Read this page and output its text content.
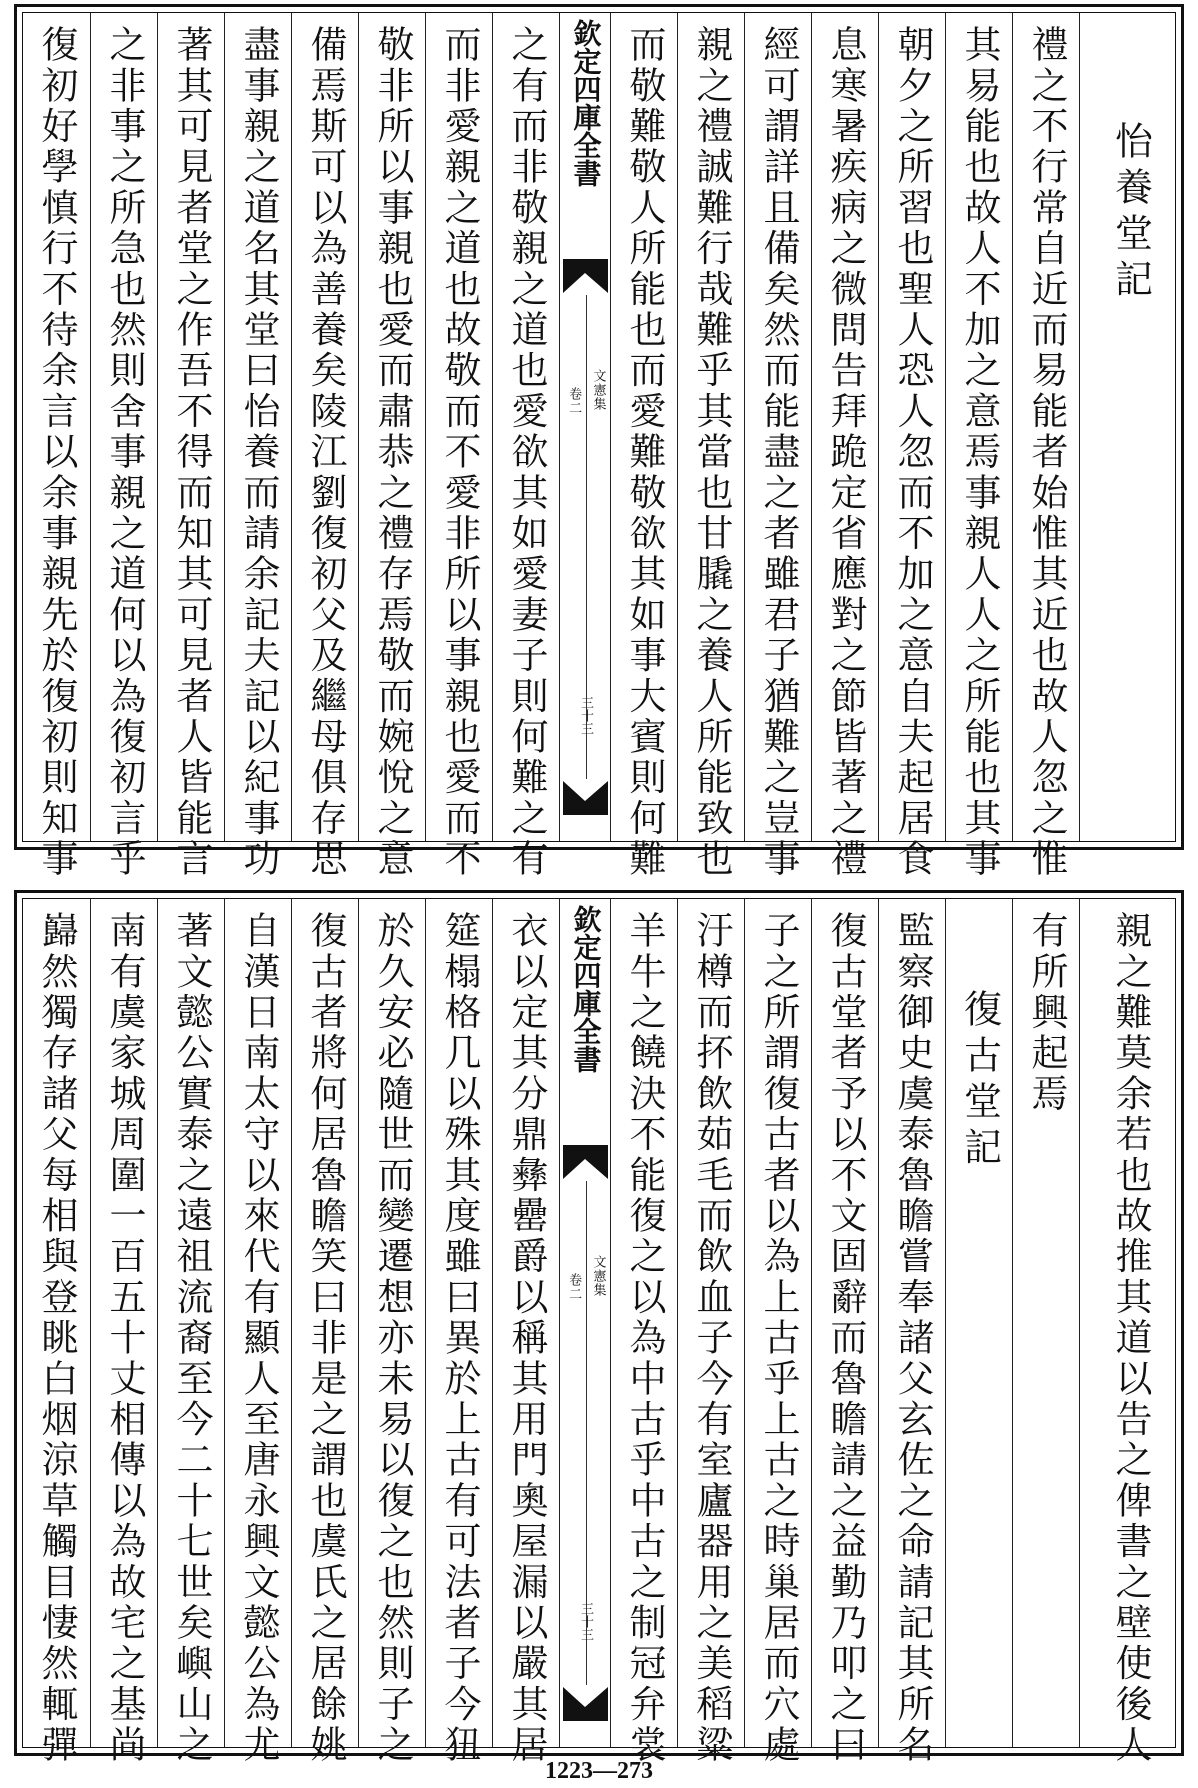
復初好學慎行不待余言以余事親先於復初則知事 之非事之所急也然則舍事親之道何以為復初言乎 著其可見者堂之作吾不得而知其可見者人皆能言 盡事親之道名其堂曰怡養而請余記夫記以紀事功 備焉斯可以為善養矣陵江劉復初父及繼母俱存思 敬非所以事親也愛而肅恭之禮存焉敬而婉悅之意 而非愛親之道也故敬而不愛非所以事親也愛而不 之有而非敬親之道也愛欲其如愛妻子則何難之有 欽定四庫全書
文憲集
卷二
三十三 而敬難敬人所能也而愛難敬欲其如事大賓則何難 親之禮誠難行哉難乎其當也甘膬之養人所能致也 經可謂詳且備矣然而能盡之者雖君子猶難之豈事 息寒暑疾病之微問告拜跪定省應對之節皆著之禮 朝夕之所習也聖人恐人忽而不加之意自夫起居食 其易能也故人不加之意焉事親人人之所能也其事 禮之不行常自近而易能者始惟其近也故人忽之惟 怡養堂記
巋然獨存諸父每相與登眺白烟涼草觸目悽然輒彈 南有虞家城周圍一百五十丈相傳以為故宅之基尚 著文懿公實泰之遠祖流裔至今二十七世矣嶼山之 自漢日南太守以來代有顯人至唐永興文懿公為尤 復古者將何居魯瞻笑曰非是之謂也虞氏之居餘姚 於久安必隨世而變遷想亦未易以復之也然則子之 筵榻格几以殊其度雖曰異於上古有可法者子今狃 衣以定其分鼎彝罍爵以稱其用門奧屋漏以嚴其居 欽定四庫全書
文憲集
卷二
三十三 羊牛之饒決不能復之以為中古乎中古之制冠弁裳 汙樽而抔飲茹毛而飲血子今有室廬器用之美稻粱 子之所謂復古者以為上古乎上古之時巢居而穴處 復古堂者予以不文固辭而魯瞻請之益勤乃叩之曰 監察御史虞泰魯瞻嘗奉諸父玄佐之命請記其所名 復古堂記 有所興起焉 親之難莫余若也故推其道以告之俾書之壁使後人
1223—273
